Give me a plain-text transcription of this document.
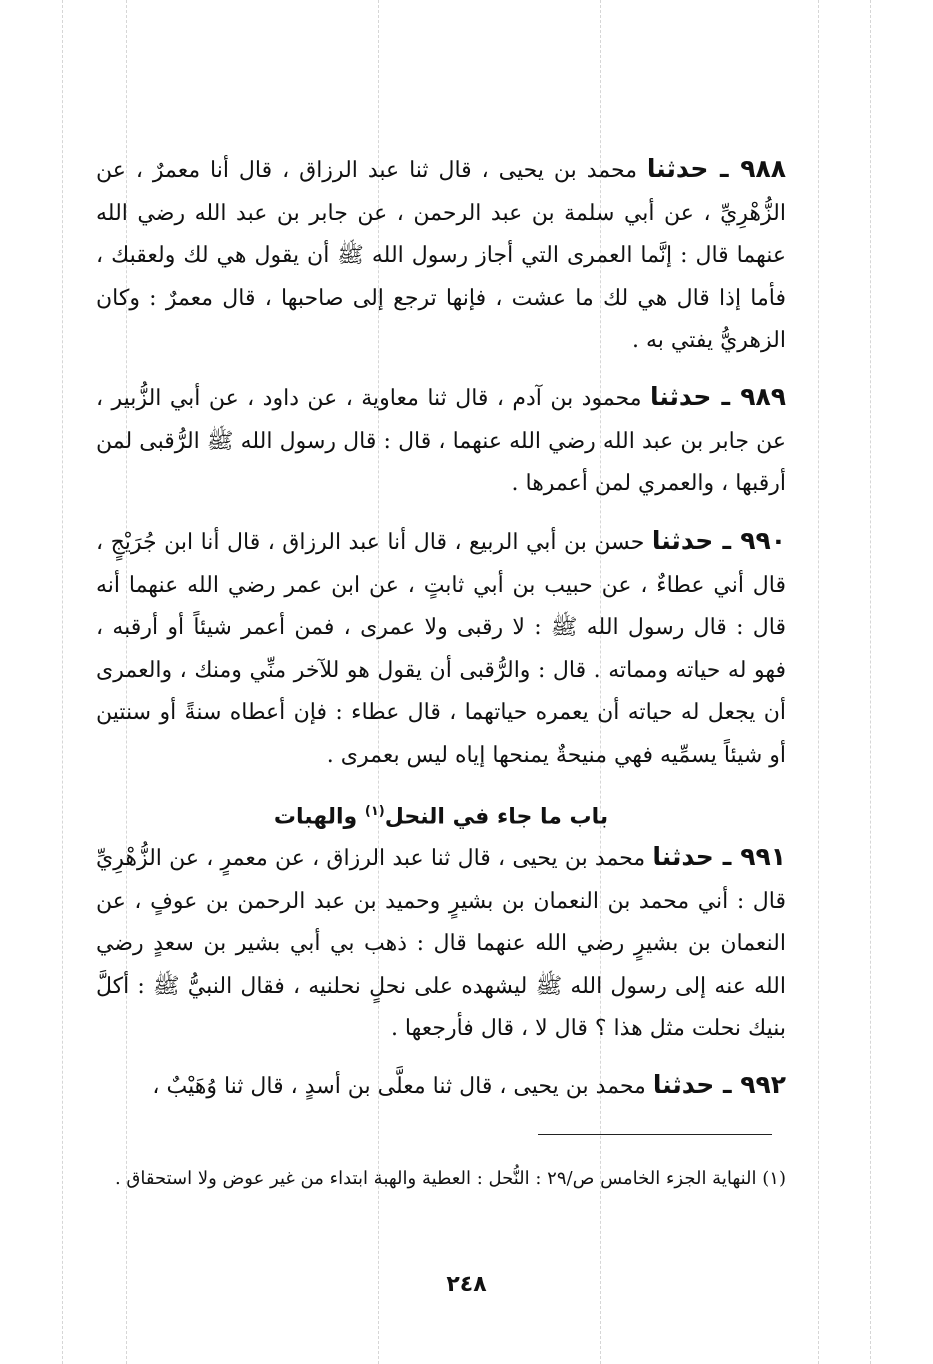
٩٨٨ ـ حدثنا محمد بن يحيى ، قال ثنا عبد الرزاق ، قال أنا معمرٌ ، عن الزُّهْرِيِّ ، عن أبي سلمة بن عبد الرحمن ، عن جابر بن عبد الله رضي الله عنهما قال : إنَّما العمرى التي أجاز رسول الله ﷺ أن يقول هي لك ولعقبك ، فأما إذا قال هي لك ما عشت ، فإنها ترجع إلى صاحبها ، قال معمرٌ : وكان الزهريُّ يفتي به .
٩٨٩ ـ حدثنا محمود بن آدم ، قال ثنا معاوية ، عن داود ، عن أبي الزُّبير ، عن جابر بن عبد الله رضي الله عنهما ، قال : قال رسول الله ﷺ الرُّقبى لمن أرقبها ، والعمري لمن أعمرها .
٩٩٠ ـ حدثنا حسن بن أبي الربيع ، قال أنا عبد الرزاق ، قال أنا ابن جُرَيْجٍ ، قال أني عطاءٌ ، عن حبيب بن أبي ثابتٍ ، عن ابن عمر رضي الله عنهما أنه قال : قال رسول الله ﷺ : لا رقبى ولا عمرى ، فمن أعمر شيئاً أو أرقبه ، فهو له حياته ومماته . قال : والرُّقبى أن يقول هو للآخر منِّي ومنك ، والعمرى أن يجعل له حياته أن يعمره حياتهما ، قال عطاء : فإن أعطاه سنةً أو سنتين أو شيئاً يسمِّيه فهي منيحةٌ يمنحها إياه ليس بعمرى .
باب ما جاء في النحل$^{(١)}$ والهبات
٩٩١ ـ حدثنا محمد بن يحيى ، قال ثنا عبد الرزاق ، عن معمرٍ ، عن الزُّهْرِيِّ قال : أني محمد بن النعمان بن بشيرٍ وحميد بن عبد الرحمن بن عوفٍ ، عن النعمان بن بشيرٍ رضي الله عنهما قال : ذهب بي أبي بشير بن سعدٍ رضي الله عنه إلى رسول الله ﷺ ليشهده على نحلٍ نحلنيه ، فقال النبيُّ ﷺ : أكلَّ بنيك نحلت مثل هذا ؟ قال لا ، قال فأرجعها .
٩٩٢ ـ حدثنا محمد بن يحيى ، قال ثنا معلَّى بن أسدٍ ، قال ثنا وُهَيْبٌ ،
(١) النهاية الجزء الخامس ص/٢٩ : النُّحل : العطية والهبة ابتداء من غير عوض ولا استحقاق .
٢٤٨
